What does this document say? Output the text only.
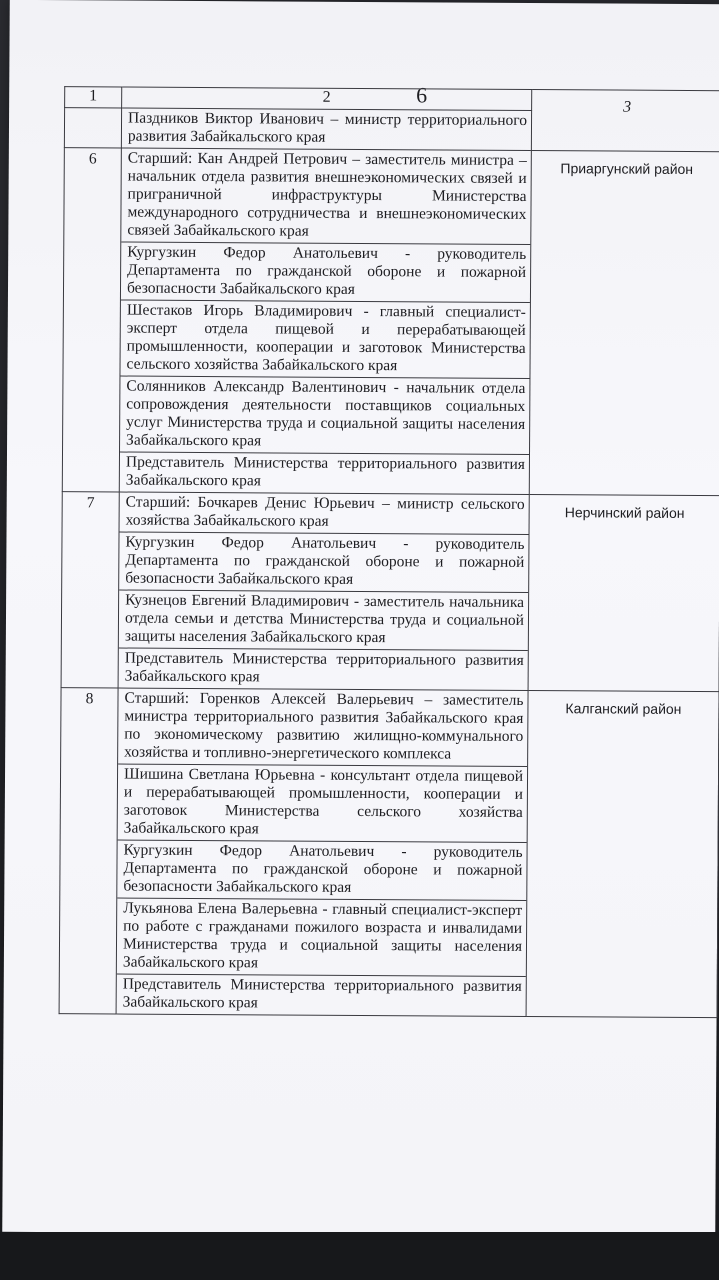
6
1	2	3

	Паздников Виктор Иванович – министр территориального развития Забайкальского края	

6	Старший: Кан Андрей Петрович – заместитель министра – начальник отдела развития внешнеэкономических связей и приграничной инфраструктуры Министерства международного сотрудничества и внешнеэкономических связей Забайкальского края
Кургузкин Федор Анатольевич - руководитель Департамента по гражданской обороне и пожарной безопасности Забайкальского края
Шестаков Игорь Владимирович - главный специалист-эксперт отдела пищевой и перерабатывающей промышленности, кооперации и заготовок Министерства сельского хозяйства Забайкальского края
Солянников Александр Валентинович - начальник отдела сопровождения деятельности поставщиков социальных услуг Министерства труда и социальной защиты населения Забайкальского края
Представитель Министерства территориального развития Забайкальского края	Приаргунский район
7	Старший: Бочкарев Денис Юрьевич – министр сельского хозяйства Забайкальского края
Кургузкин Федор Анатольевич - руководитель Департамента по гражданской обороне и пожарной безопасности Забайкальского края
Кузнецов Евгений Владимирович - заместитель начальника отдела семьи и детства Министерства труда и социальной защиты населения Забайкальского края
Представитель Министерства территориального развития Забайкальского края	Нерчинский район
8	Старший: Горенков Алексей Валерьевич – заместитель министра территориального развития Забайкальского края по экономическому развитию жилищно-коммунального хозяйства и топливно-энергетического комплекса
Шишина Светлана Юрьевна - консультант отдела пищевой и перерабатывающей промышленности, кооперации и заготовок Министерства сельского хозяйства Забайкальского края
Кургузкин Федор Анатольевич - руководитель Департамента по гражданской обороне и пожарной безопасности Забайкальского края
Лукьянова Елена Валерьевна - главный специалист-эксперт по работе с гражданами пожилого возраста и инвалидами Министерства труда и социальной защиты населения Забайкальского края
Представитель Министерства территориального развития Забайкальского края	Калганский район
